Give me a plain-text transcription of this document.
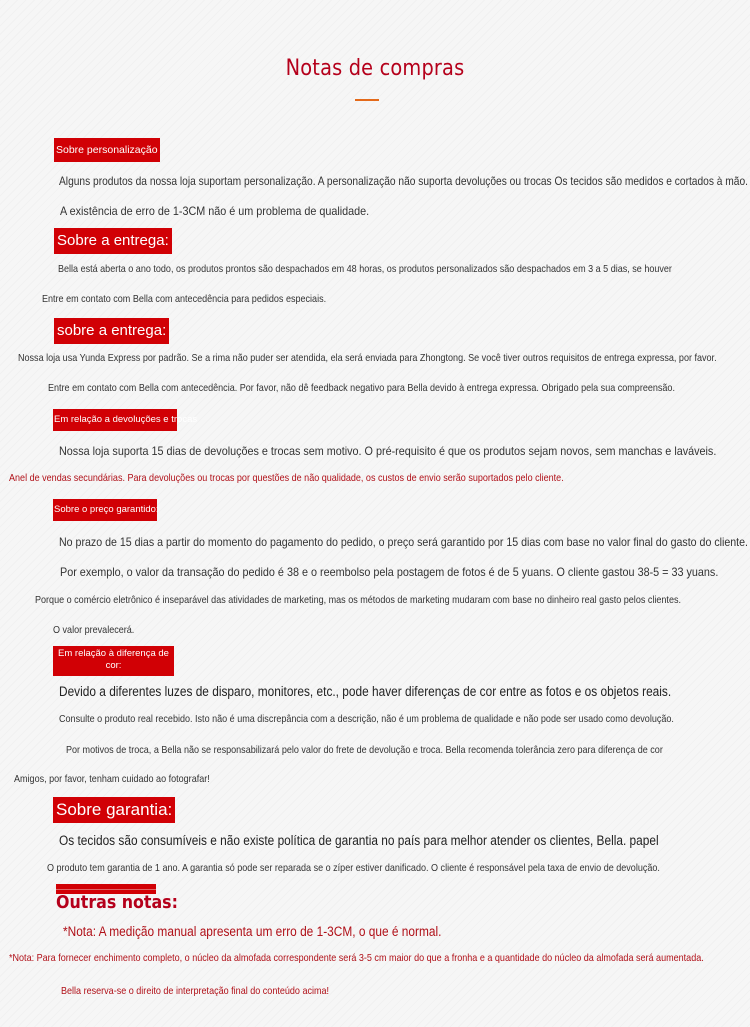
Notas de compras
Sobre personalização
Alguns produtos da nossa loja suportam personalização. A personalização não suporta devoluções ou trocas Os tecidos são medidos e cortados à mão.
A existência de erro de 1-3CM não é um problema de qualidade.
Sobre a entrega:
Bella está aberta o ano todo, os produtos prontos são despachados em 48 horas, os produtos personalizados são despachados em 3 a 5 dias, se houver
Entre em contato com Bella com antecedência para pedidos especiais.
sobre a entrega:
Nossa loja usa Yunda Express por padrão. Se a rima não puder ser atendida, ela será enviada para Zhongtong. Se você tiver outros requisitos de entrega expressa, por favor.
Entre em contato com Bella com antecedência. Por favor, não dê feedback negativo para Bella devido à entrega expressa. Obrigado pela sua compreensão.
Em relação a devoluções e trocas
Nossa loja suporta 15 dias de devoluções e trocas sem motivo. O pré-requisito é que os produtos sejam novos, sem manchas e laváveis.
Anel de vendas secundárias. Para devoluções ou trocas por questões de não qualidade, os custos de envio serão suportados pelo cliente.
Sobre o preço garantido:
No prazo de 15 dias a partir do momento do pagamento do pedido, o preço será garantido por 15 dias com base no valor final do gasto do cliente.
Por exemplo, o valor da transação do pedido é 38 e o reembolso pela postagem de fotos é de 5 yuans. O cliente gastou 38-5 = 33 yuans.
Porque o comércio eletrônico é inseparável das atividades de marketing, mas os métodos de marketing mudaram com base no dinheiro real gasto pelos clientes.
O valor prevalecerá.
Em relação à diferença de cor:
Devido a diferentes luzes de disparo, monitores, etc., pode haver diferenças de cor entre as fotos e os objetos reais.
Consulte o produto real recebido. Isto não é uma discrepância com a descrição, não é um problema de qualidade e não pode ser usado como devolução.
Por motivos de troca, a Bella não se responsabilizará pelo valor do frete de devolução e troca. Bella recomenda tolerância zero para diferença de cor
Amigos, por favor, tenham cuidado ao fotografar!
Sobre garantia:
Os tecidos são consumíveis e não existe política de garantia no país para melhor atender os clientes, Bella. papel
O produto tem garantia de 1 ano. A garantia só pode ser reparada se o zíper estiver danificado. O cliente é responsável pela taxa de envio de devolução.
Outras notas:
*Nota: A medição manual apresenta um erro de 1-3CM, o que é normal.
*Nota: Para fornecer enchimento completo, o núcleo da almofada correspondente será 3-5 cm maior do que a fronha e a quantidade do núcleo da almofada será aumentada.
Bella reserva-se o direito de interpretação final do conteúdo acima!
